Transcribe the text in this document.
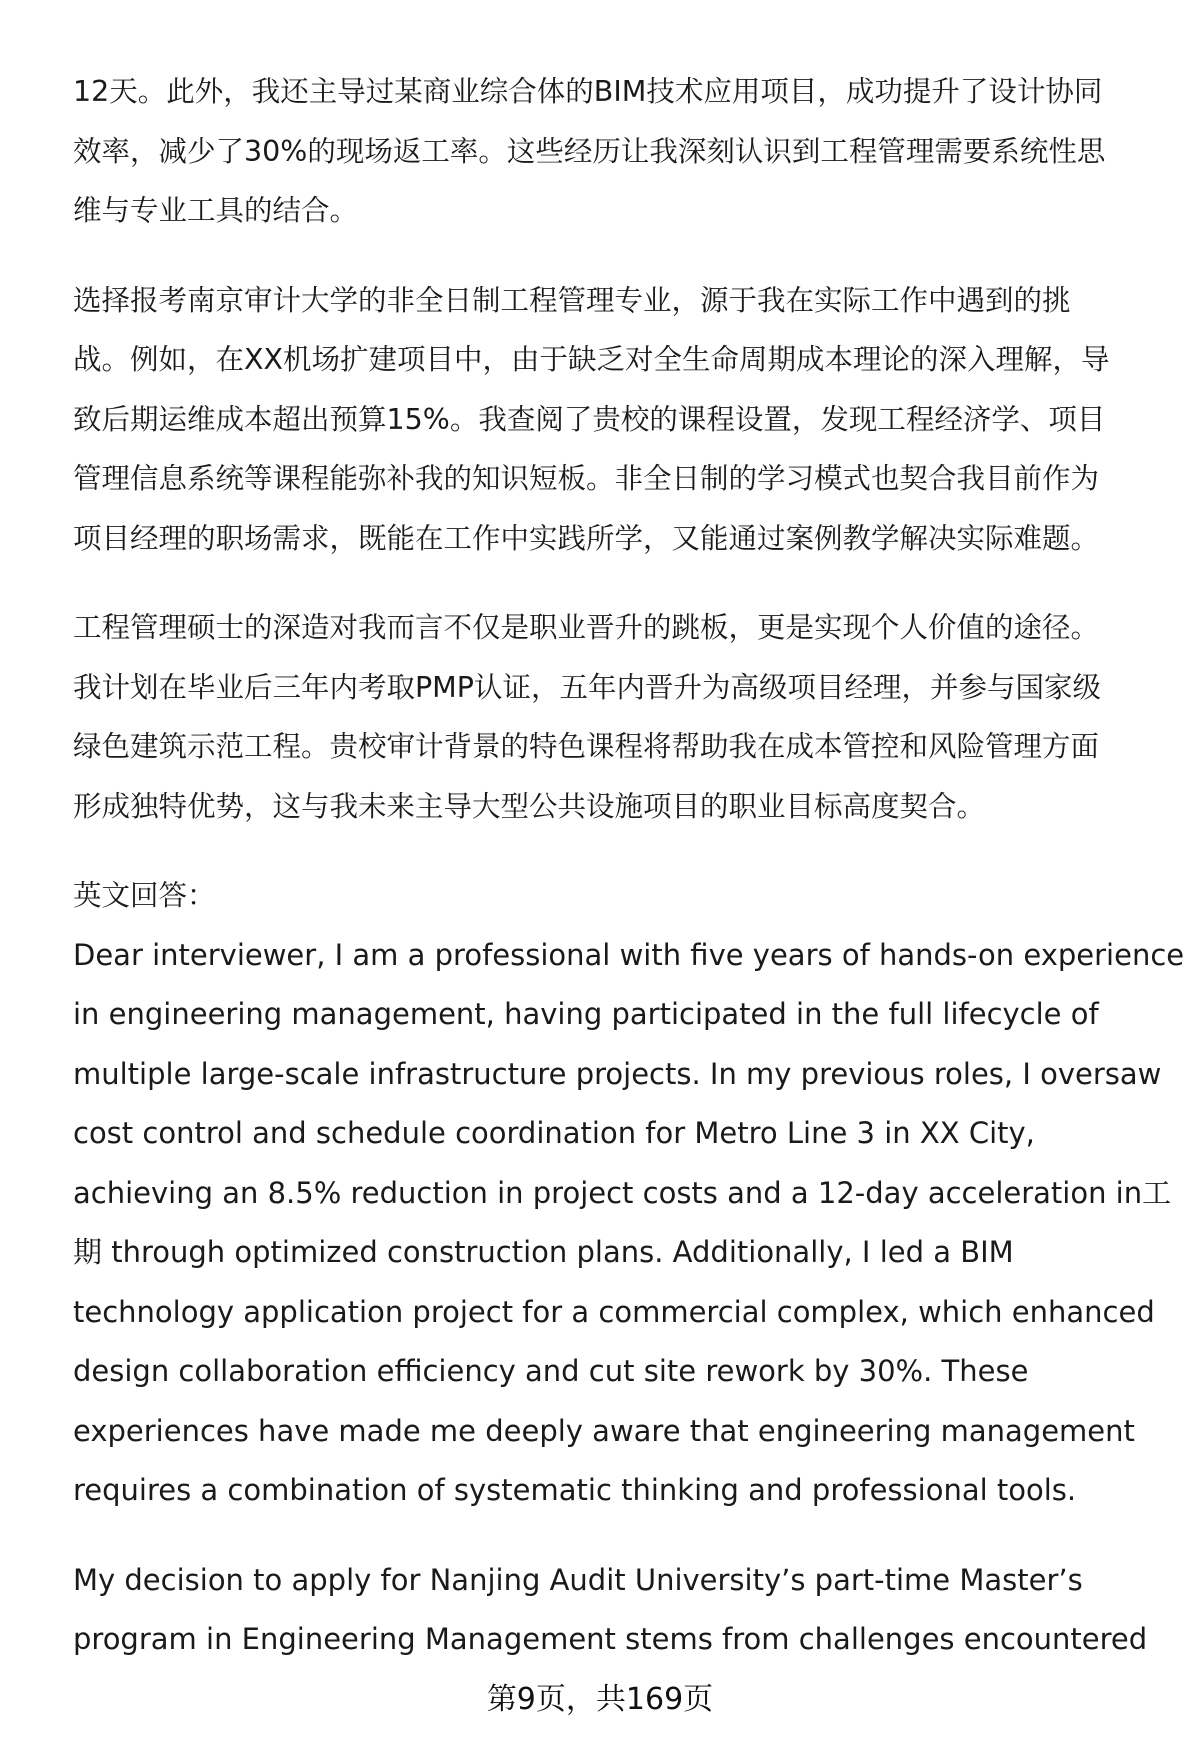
12天。此外，我还主导过某商业综合体的BIM技术应用项目，成功提升了设计协同
效率，减少了30%的现场返工率。这些经历让我深刻认识到工程管理需要系统性思
维与专业工具的结合。

选择报考南京审计大学的非全日制工程管理专业，源于我在实际工作中遇到的挑
战。例如，在XX机场扩建项目中，由于缺乏对全生命周期成本理论的深入理解，导
致后期运维成本超出预算15%。我查阅了贵校的课程设置，发现工程经济学、项目
管理信息系统等课程能弥补我的知识短板。非全日制的学习模式也契合我目前作为
项目经理的职场需求，既能在工作中实践所学，又能通过案例教学解决实际难题。

工程管理硕士的深造对我而言不仅是职业晋升的跳板，更是实现个人价值的途径。
我计划在毕业后三年内考取PMP认证，五年内晋升为高级项目经理，并参与国家级
绿色建筑示范工程。贵校审计背景的特色课程将帮助我在成本管控和风险管理方面
形成独特优势，这与我未来主导大型公共设施项目的职业目标高度契合。

英文回答：

Dear interviewer, I am a professional with five years of hands-on experience
in engineering management, having participated in the full lifecycle of
multiple large-scale infrastructure projects. In my previous roles, I oversaw
cost control and schedule coordination for Metro Line 3 in XX City,
achieving an 8.5% reduction in project costs and a 12-day acceleration in工
期 through optimized construction plans. Additionally, I led a BIM
technology application project for a commercial complex, which enhanced
design collaboration efficiency and cut site rework by 30%. These
experiences have made me deeply aware that engineering management
requires a combination of systematic thinking and professional tools.

My decision to apply for Nanjing Audit University’s part-time Master’s
program in Engineering Management stems from challenges encountered

第9页，共169页
